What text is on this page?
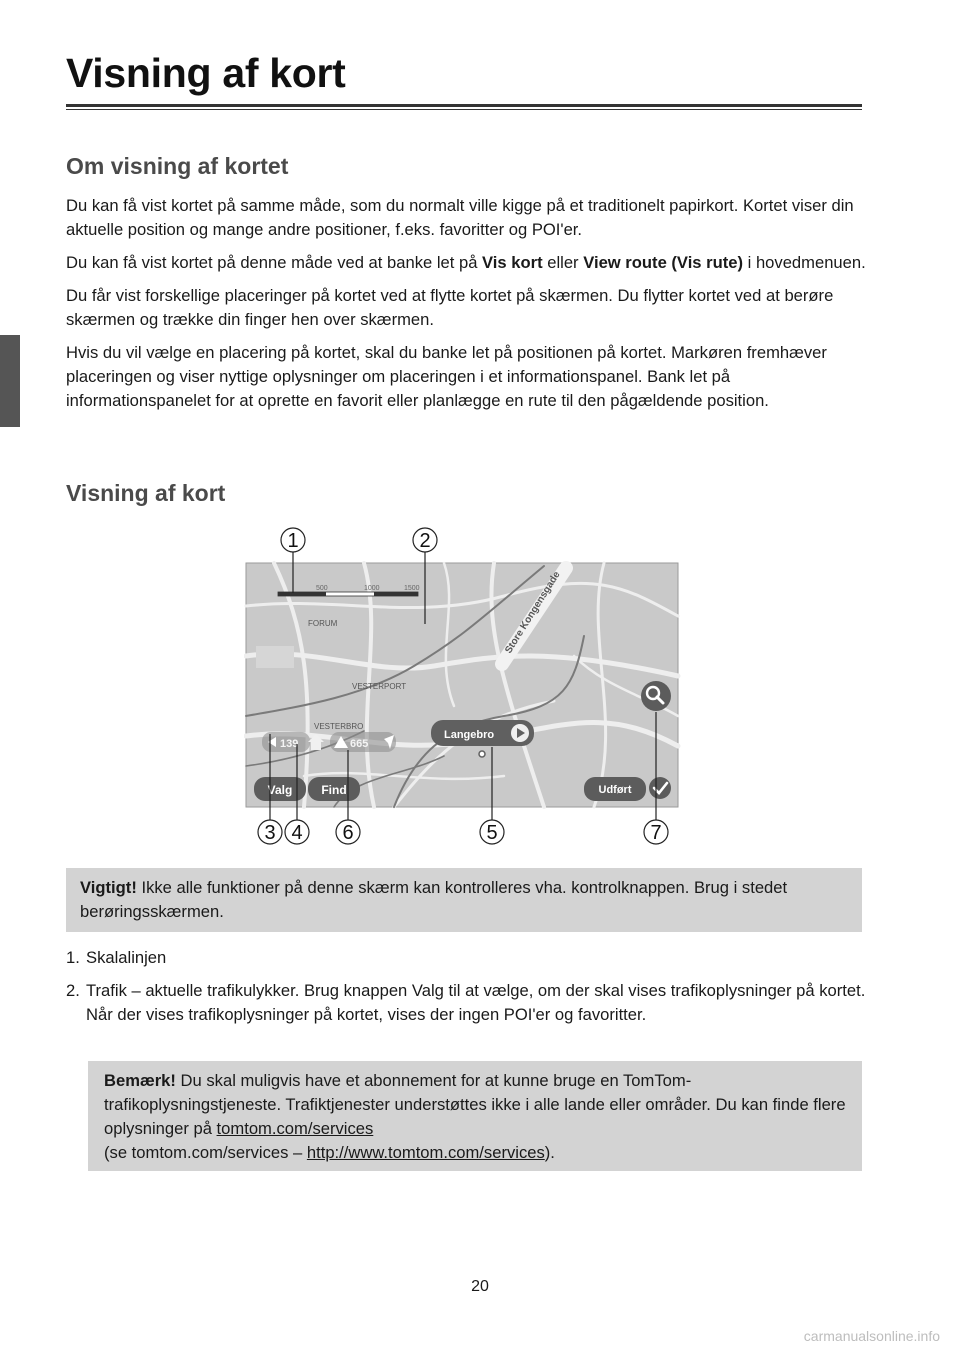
Visning af kort
Om visning af kortet

Du kan få vist kortet på samme måde, som du normalt ville kigge på et traditionelt papirkort. Kortet viser din aktuelle position og mange andre positioner, f.eks. favoritter og POI'er.

Du kan få vist kortet på denne måde ved at banke let på Vis kort eller View route (Vis rute) i hovedmenuen.

Du får vist forskellige placeringer på kortet ved at flytte kortet på skærmen. Du flytter kortet ved at berøre skærmen og trække din finger hen over skærmen.

Hvis du vil vælge en placering på kortet, skal du banke let på positionen på kortet. Markøren fremhæver placeringen og viser nyttige oplysninger om placeringen i et informationspanel. Bank let på informationspanelet for at oprette en favorit eller planlægge en rute til den pågældende position.

Visning af kort
1	2
Store Kongensgade
FORUM
VESTERPORT
VESTERBRO
500	1000	1500
139	665
Langebro
Valg Find	Udført
3 4 6	5	7
Vigtigt! Ikke alle funktioner på denne skærm kan kontrolleres vha. kontrolknappen. Brug i stedet berøringsskærmen.
1. Skalalinjen
2. Trafik – aktuelle trafikulykker. Brug knappen Valg til at vælge, om der skal vises trafikoplysninger på kortet. Når der vises trafikoplysninger på kortet, vises der ingen POI'er og favoritter.
Bemærk! Du skal muligvis have et abonnement for at kunne bruge en TomTom-trafikoplysningstjeneste. Trafiktjenester understøttes ikke i alle lande eller områder. Du kan finde flere oplysninger på tomtom.com/services
(se tomtom.com/services – http://www.tomtom.com/services).
20
carmanualsonline.info
